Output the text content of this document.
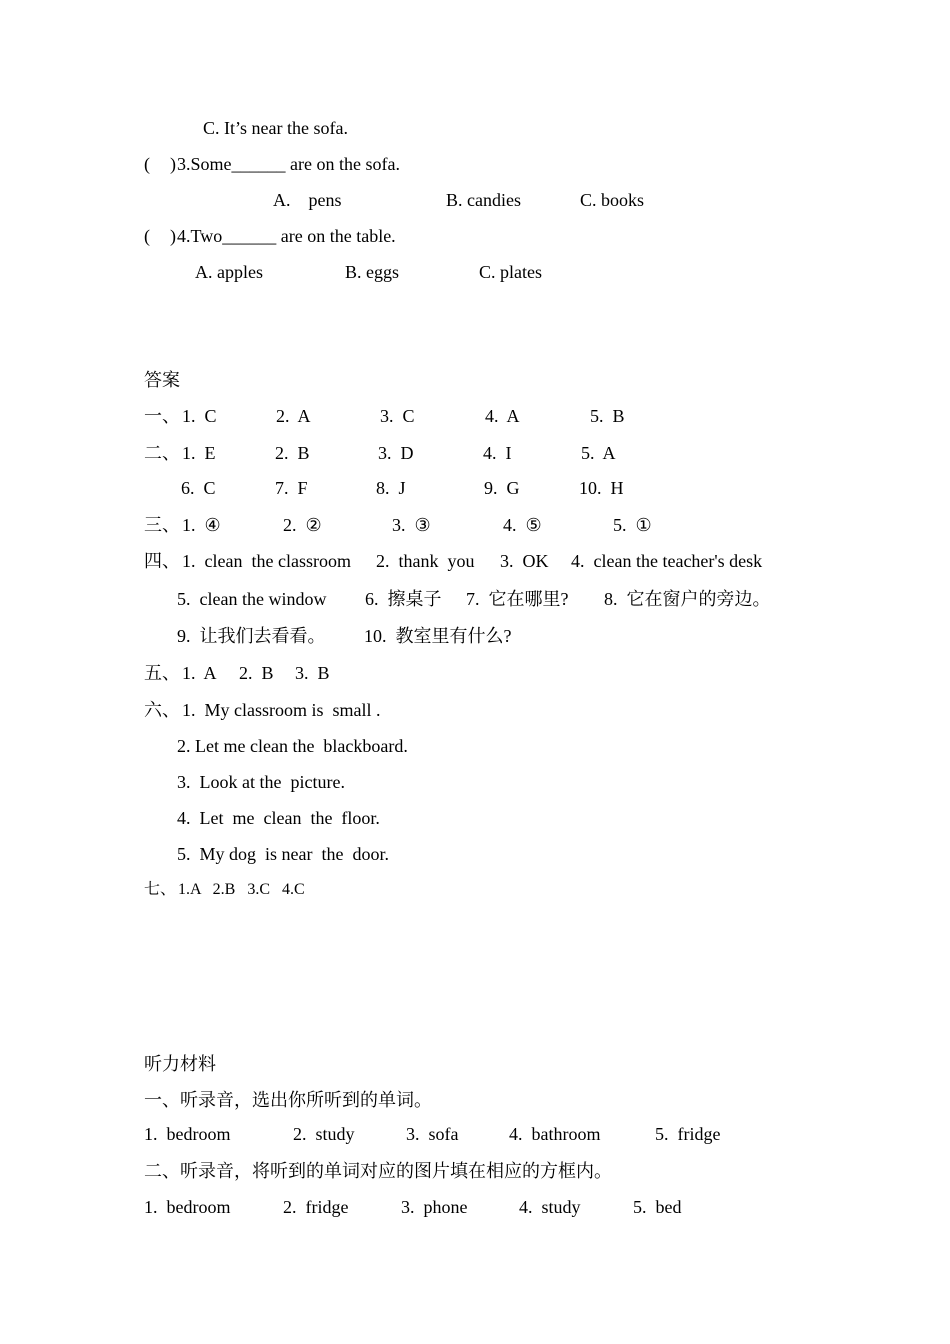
C. It’s near the sofa.
( ) 3.Some______ are on the sofa.
A.    pens	B. candies	C. books
( ) 4.Two______ are on the table.
A. apples	B. eggs	C. plates
答案
一、 1.  C	2.  A	3.  C	4.  A	5.  B
二、 1.  E	2.  B	3.  D	4.  I	5.  A
6.  C	7.  F	8.  J	9.  G	10.  H
三、 1.  ④	2.  ②	3.  ③	4.  ⑤	5.  ①
四、 1.  clean  the classroom 2.  thank  you 3.  OK 4.  clean the teacher's desk
5.  clean the window 6.  擦桌子 7.  它在哪里? 8.  它在窗户的旁边。
9.  让我们去看看。 10.  教室里有什么?
五、 1.  A 2.  B 3.  B
六、 1.  My classroom is  small .
2. Let me clean the  blackboard.
3.  Look at the  picture.
4.  Let  me  clean  the  floor.
5.  My dog  is near  the  door.
七、 1.A   2.B   3.C   4.C
听力材料
一、听录音，选出你所听到的单词。
1.  bedroom	2.  study	3.  sofa	4.  bathroom	5.  fridge
二、听录音，将听到的单词对应的图片填在相应的方框内。
1.  bedroom	2.  fridge	3.  phone	4.  study	5.  bed
